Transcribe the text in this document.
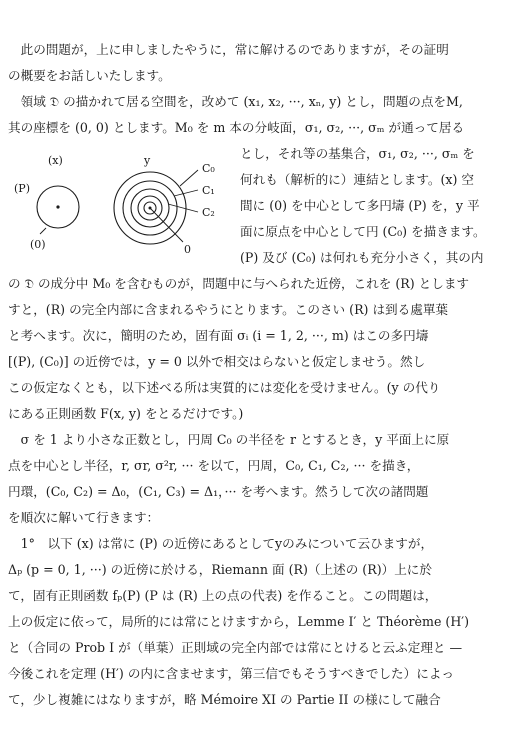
　此の問題が，上に申しましたやうに，常に解けるのでありますが，その証明
の概要をお話しいたします。
　領域 𝔇 の描かれて居る空間を，改めて (x₁, x₂, ···, xₙ, y) とし，問題の点をM,
其の座標を (0, 0) とします。M₀ を m 本の分岐面，σ₁, σ₂, ···, σₘ が通って居る
(x)	y
(P)
(0)
C₀
C₁
C₂
0
とし，それ等の基集合，σ₁, σ₂, ···, σₘ を
何れも（解析的に）連結とします。(x) 空
間に (0) を中心として多円壔 (P) を，y 平
面に原点を中心として円 (C₀) を描きます。
(P) 及び (C₀) は何れも充分小さく，其の内
の 𝔇 の成分中 M₀ を含むものが，問題中に与へられた近傍，これを (R) とします
すと，(R) の完全内部に含まれるやうにとります。このさい (R) は到る處單葉
と考へます。次に，簡明のため，固有面 σᵢ (i = 1, 2, ···, m) はこの多円壔
[(P), (C₀)] の近傍では，y = 0 以外で相交はらないと仮定しませう。然し
この仮定なくとも，以下述べる所は実質的には変化を受けません。(y の代り
にある正則函数 F(x, y) をとるだけです。)
　σ を 1 より小さな正数とし，円周 C₀ の半径を r とするとき，y 平面上に原
点を中心とし半径，r, σr, σ²r, ··· を以て，円周，C₀, C₁, C₂, ··· を描き，
円環，(C₀, C₂) = Δ₀，(C₁, C₃) = Δ₁，··· を考へます。然うして次の諸問題
を順次に解いて行きます：
　1°　以下 (x) は常に (P) の近傍にあるとしてyのみについて云ひますが，
Δₚ (p = 0, 1, ···) の近傍に於ける，Riemann 面 (R)（上述の (R)）上に於
て，固有正則函数 fₚ(P) (P は (R) 上の点の代表) を作ること。この問題は，
上の仮定に依って，局所的には常にとけますから，Lemme I′ と Théorème (H′)
と（合同の Prob I が（単葉）正則域の完全内部では常にとけると云ふ定理と —
今後これを定理 (H′) の内に含ませます，第三信でもそうすべきでした）によっ
て，少し複雑にはなりますが，略 Mémoire XI の Partie II の様にして融合
